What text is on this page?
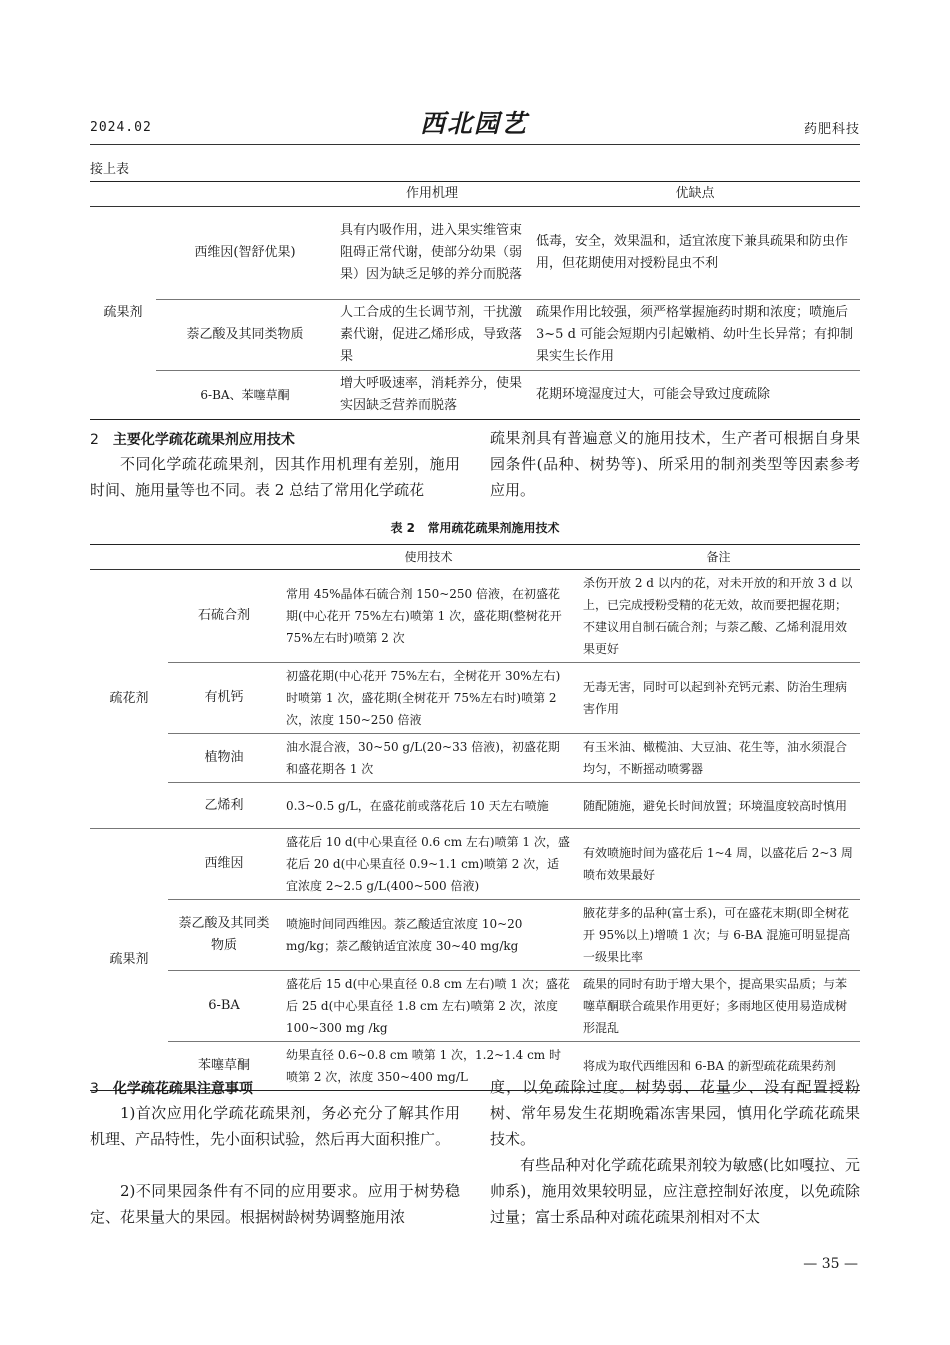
2024.02	西北园艺	药肥科技
接上表
		作用机理	优缺点
疏果剂	西维因(智舒优果)	具有内吸作用，进入果实维管束阻碍正常代谢，使部分幼果（弱果）因为缺乏足够的养分而脱落	低毒，安全，效果温和，适宜浓度下兼具疏果和防虫作用，但花期使用对授粉昆虫不利
	萘乙酸及其同类物质	人工合成的生长调节剂，干扰激素代谢，促进乙烯形成，导致落果	疏果作用比较强，须严格掌握施药时期和浓度；喷施后 3~5 d 可能会短期内引起嫩梢、幼叶生长异常；有抑制果实生长作用
	6-BA、苯噻草酮	增大呼吸速率，消耗养分，使果实因缺乏营养而脱落	花期环境湿度过大，可能会导致过度疏除
2 主要化学疏花疏果剂应用技术
不同化学疏花疏果剂，因其作用机理有差别，施用时间、施用量等也不同。表 2 总结了常用化学疏花
疏果剂具有普遍意义的施用技术，生产者可根据自身果园条件(品种、树势等)、所采用的制剂类型等因素参考应用。
表 2 常用疏花疏果剂施用技术
		使用技术	备注
疏花剂	石硫合剂	常用 45%晶体石硫合剂 150~250 倍液，在初盛花期(中心花开 75%左右)喷第 1 次，盛花期(整树花开 75%左右时)喷第 2 次	杀伤开放 2 d 以内的花，对未开放的和开放 3 d 以上，已完成授粉受精的花无效，故而要把握花期；不建议用自制石硫合剂；与萘乙酸、乙烯利混用效果更好
	有机钙	初盛花期(中心花开 75%左右，全树花开 30%左右)时喷第 1 次，盛花期(全树花开 75%左右时)喷第 2 次，浓度 150~250 倍液	无毒无害，同时可以起到补充钙元素、防治生理病害作用
	植物油	油水混合液，30~50 g/L(20~33 倍液)，初盛花期和盛花期各 1 次	有玉米油、橄榄油、大豆油、花生等，油水须混合均匀，不断摇动喷雾器
	乙烯利	0.3~0.5 g/L，在盛花前或落花后 10 天左右喷施	随配随施，避免长时间放置；环境温度较高时慎用
疏果剂	西维因	盛花后 10 d(中心果直径 0.6 cm 左右)喷第 1 次，盛花后 20 d(中心果直径 0.9~1.1 cm)喷第 2 次，适宜浓度 2~2.5 g/L(400~500 倍液)	有效喷施时间为盛花后 1~4 周，以盛花后 2~3 周喷布效果最好
	萘乙酸及其同类物质	喷施时间同西维因。萘乙酸适宜浓度 10~20 mg/kg；萘乙酸钠适宜浓度 30~40 mg/kg	腋花芽多的品种(富士系)，可在盛花末期(即全树花开 95%以上)增喷 1 次；与 6-BA 混施可明显提高一级果比率
	6-BA	盛花后 15 d(中心果直径 0.8 cm 左右)喷 1 次；盛花后 25 d(中心果直径 1.8 cm 左右)喷第 2 次，浓度 100~300 mg /kg	疏果的同时有助于增大果个，提高果实品质；与苯噻草酮联合疏果作用更好；多雨地区使用易造成树形混乱
	苯噻草酮	幼果直径 0.6~0.8 cm 喷第 1 次，1.2~1.4 cm 时喷第 2 次，浓度 350~400 mg/L	将成为取代西维因和 6-BA 的新型疏花疏果药剂
3 化学疏花疏果注意事项
1)首次应用化学疏花疏果剂，务必充分了解其作用机理、产品特性，先小面积试验，然后再大面积推广。
2)不同果园条件有不同的应用要求。应用于树势稳定、花果量大的果园。根据树龄树势调整施用浓
度，以免疏除过度。树势弱、花量少、没有配置授粉树、常年易发生花期晚霜冻害果园，慎用化学疏花疏果技术。
有些品种对化学疏花疏果剂较为敏感(比如嘎拉、元帅系)，施用效果较明显，应注意控制好浓度，以免疏除过量；富士系品种对疏花疏果剂相对不太
— 35 —
